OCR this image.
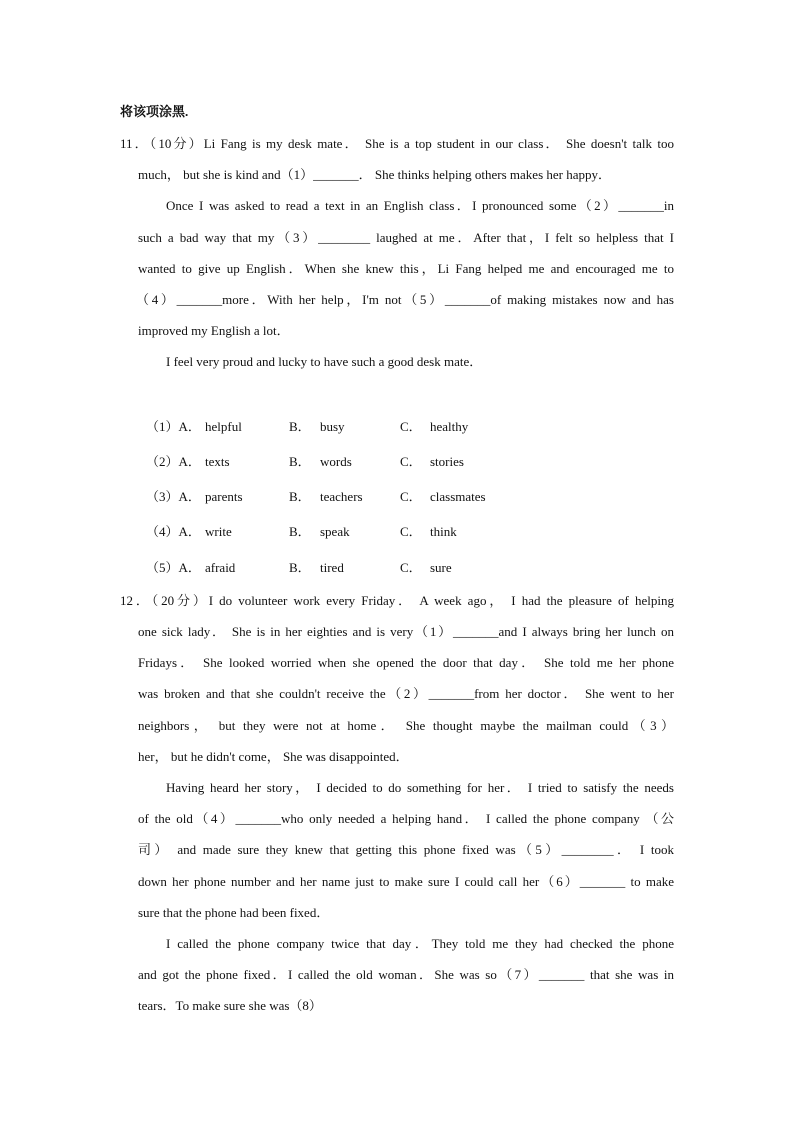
将该项涂黑.
11．（10分）Li Fang is my desk mate． She is a top student in our class． She doesn't talk too
much， but she is kind and（1）_______． She thinks helping others makes her happy．
Once I was asked to read a text in an English class．I pronounced some（2）_______in
such a bad way that my（3）________ laughed at me．After that，I felt so helpless that I
wanted to give up English．When she knew this，Li Fang helped me and encouraged me to
（4）_______more．With her help，I'm not（5）_______of making mistakes now and has
improved my English a lot．
I feel very proud and lucky to have such a good desk mate．
（1）A． helpful	B． busy	C． healthy
（2）A． texts	B． words	C． stories
（3）A． parents	B． teachers	C． classmates
（4）A． write	B． speak	C． think
（5）A． afraid	B． tired	C． sure
12．（20分）I do volunteer work every Friday． A week ago， I had the pleasure of helping
one sick lady． She is in her eighties and is very（1）_______and I always bring her lunch on
Fridays． She looked worried when she opened the door that day． She told me her phone
was broken and that she couldn't receive the（2）_______from her doctor． She went to her
neighbors， but they were not at home． She thought maybe the mailman could（3）
her， but he didn't come， She was disappointed．
Having heard her story， I decided to do something for her． I tried to satisfy the needs
of the old（4）_______who only needed a helping hand． I called the phone company （公
司） and made sure they knew that getting this phone fixed was（5）________． I took
down her phone number and her name just to make sure I could call her（6）_______ to make
sure that the phone had been fixed．
I called the phone company twice that day．They told me they had checked the phone
and got the phone fixed．I called the old woman．She was so（7）_______ that she was in
tears．To make sure she was（8）
